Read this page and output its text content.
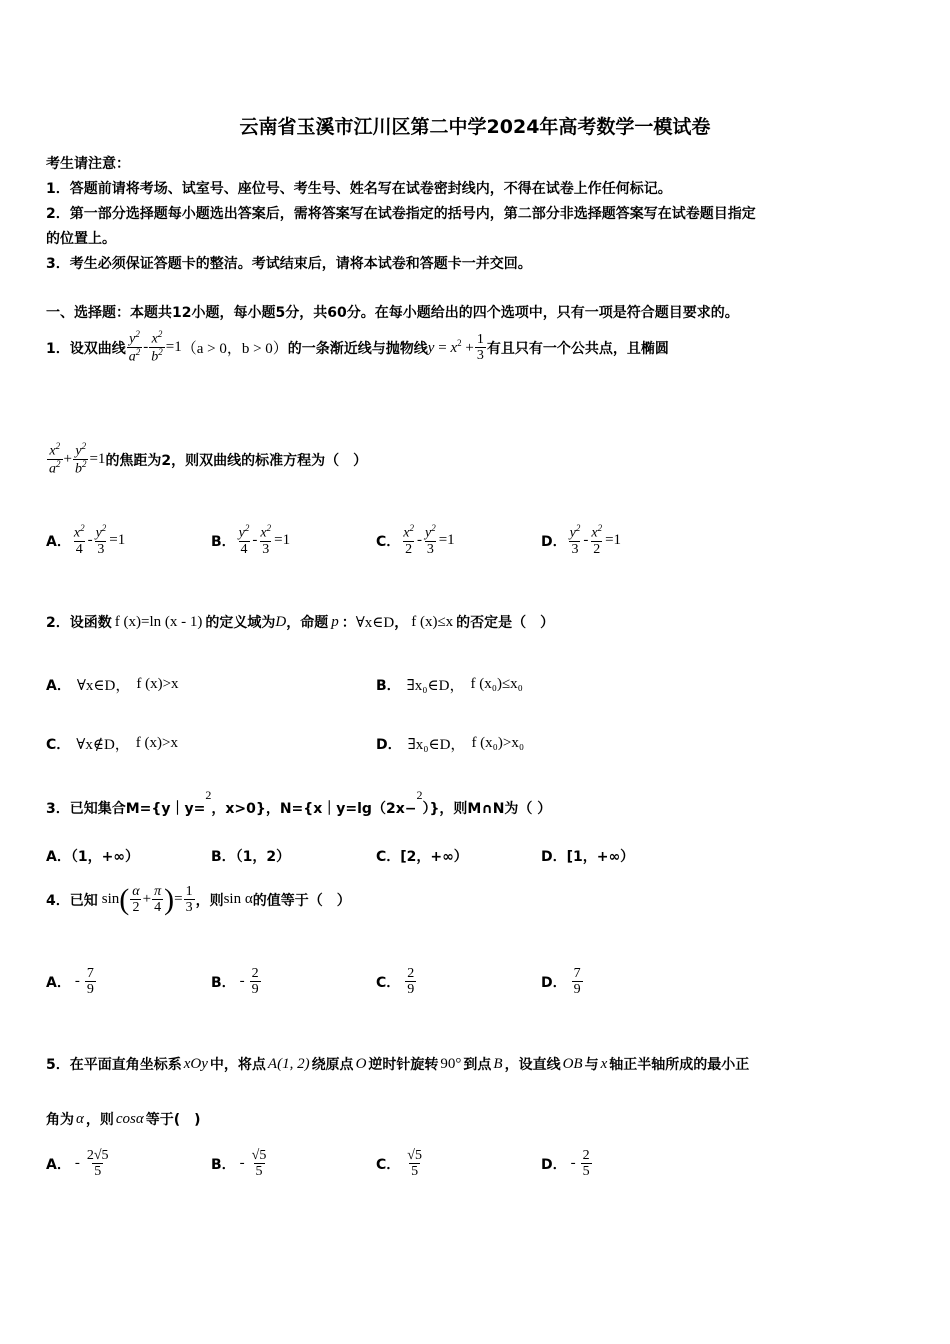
云南省玉溪市江川区第二中学2024年高考数学一模试卷
考生请注意：
1．答题前请将考场、试室号、座位号、考生号、姓名写在试卷密封线内，不得在试卷上作任何标记。
2．第一部分选择题每小题选出答案后，需将答案写在试卷指定的括号内，第二部分非选择题答案写在试卷题目指定
的位置上。
3．考生必须保证答题卡的整洁。考试结束后，请将本试卷和答题卡一并交回。
一、选择题：本题共12小题，每小题5分，共60分。在每小题给出的四个选项中，只有一项是符合题目要求的。
1．设双曲线 $\frac{y^2}{a^2} - \frac{x^2}{b^2} =1$ （a > 0，b > 0） 的一条渐近线与抛物线 $y = x^2 + \frac{1}{3}$ 有且只有一个公共点，且椭圆
$\frac{x^2}{a^2} + \frac{y^2}{b^2} =1$ 的焦距为2，则双曲线的标准方程为（　）
A． $\frac{x^2}{4} - \frac{y^2}{3} =1$	B． $\frac{y^2}{4} - \frac{x^2}{3} =1$	C． $\frac{x^2}{2} - \frac{y^2}{3} =1$	D． $\frac{y^2}{3} - \frac{x^2}{2} =1$
2．设函数 f (x)=ln (x - 1) 的定义域为 D ，命题 p ： ∀x∈D ， f (x)≤x 的否定是（　）
A． ∀x∈D， f (x)>x	B． ∃x₀∈D， f (x₀)≤x₀
C． ∀x∉D， f (x)>x	D． ∃x₀∈D， f (x₀)>x₀
3．已知集合M={y｜y=2，x>0}，N={x｜y=lg（2x−2）}，则M∩N为（ ）
A．（1，+∞）	B．（1，2）	C．[2，+∞）	D．[1，+∞）
4．已知 sin ( $\frac{\alpha}{2} + \frac{\pi}{4}$ ) = $\frac{1}{3}$ ，则 sin α 的值等于（　）
A． - $\frac{7}{9}$	B． - $\frac{2}{9}$	C． $\frac{2}{9}$	D． $\frac{7}{9}$
5．在平面直角坐标系 xOy 中，将点 A(1, 2) 绕原点 O 逆时针旋转 90° 到点 B ，设直线 OB 与 x 轴正半轴所成的最小正
角为 α ，则 cosα 等于(　)
A． - $\frac{2√5}{5}$	B． - $\frac{√5}{5}$	C． $\frac{√5}{5}$	D． - $\frac{2}{5}$
